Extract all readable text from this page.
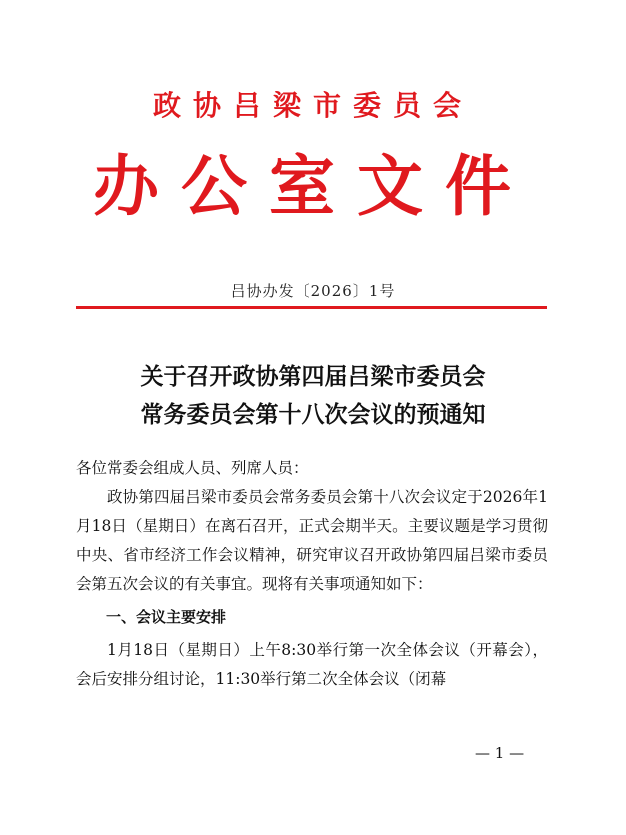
政协吕梁市委员会
办公室文件
吕协办发〔2026〕1号
关于召开政协第四届吕梁市委员会
常务委员会第十八次会议的预通知

各位常委会组成人员、列席人员：

政协第四届吕梁市委员会常务委员会第十八次会议定于2026年1月18日（星期日）在离石召开，正式会期半天。主要议题是学习贯彻中央、省市经济工作会议精神，研究审议召开政协第四届吕梁市委员会第五次会议的有关事宜。现将有关事项通知如下：

一、会议主要安排

1月18日（星期日）上午8:30举行第一次全体会议（开幕会），会后安排分组讨论，11:30举行第二次全体会议（闭幕

— 1 —
